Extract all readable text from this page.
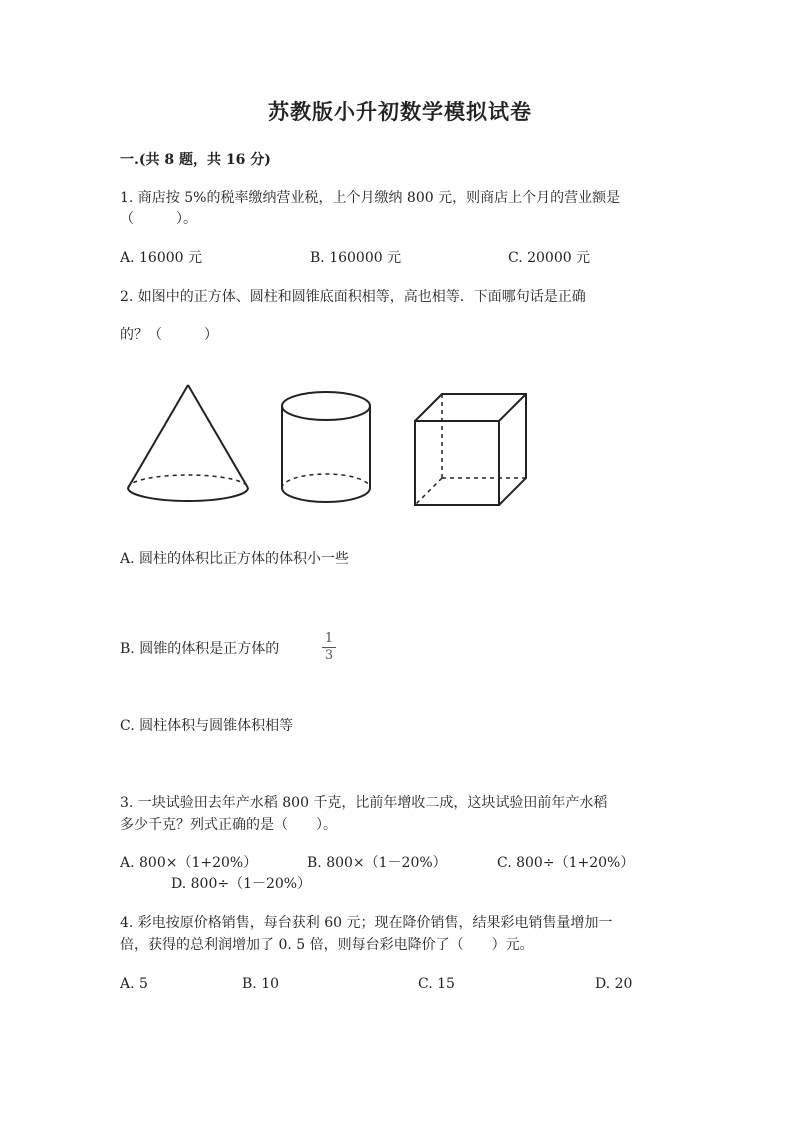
苏教版小升初数学模拟试卷
一.(共 8 题，共 16 分)
1. 商店按 5%的税率缴纳营业税，上个月缴纳 800 元，则商店上个月的营业额是
（　　　）。
A. 16000 元	B. 160000 元	C. 20000 元
2. 如图中的正方体、圆柱和圆锥底面积相等，高也相等．下面哪句话是正确
的？（　　　）
A. 圆柱的体积比正方体的体积小一些
B. 圆锥的体积是正方体的
1
3
C. 圆柱体积与圆锥体积相等
3. 一块试验田去年产水稻 800 千克，比前年增收二成，这块试验田前年产水稻
多少千克？列式正确的是（　　）。
A. 800×（1+20%）	B. 800×（1－20%）	C. 800÷（1+20%）
D. 800÷（1－20%）
4. 彩电按原价格销售，每台获利 60 元；现在降价销售，结果彩电销售量增加一
倍，获得的总利润增加了 0. 5 倍，则每台彩电降价了（　　）元。
A. 5	B. 10	C. 15	D. 20
